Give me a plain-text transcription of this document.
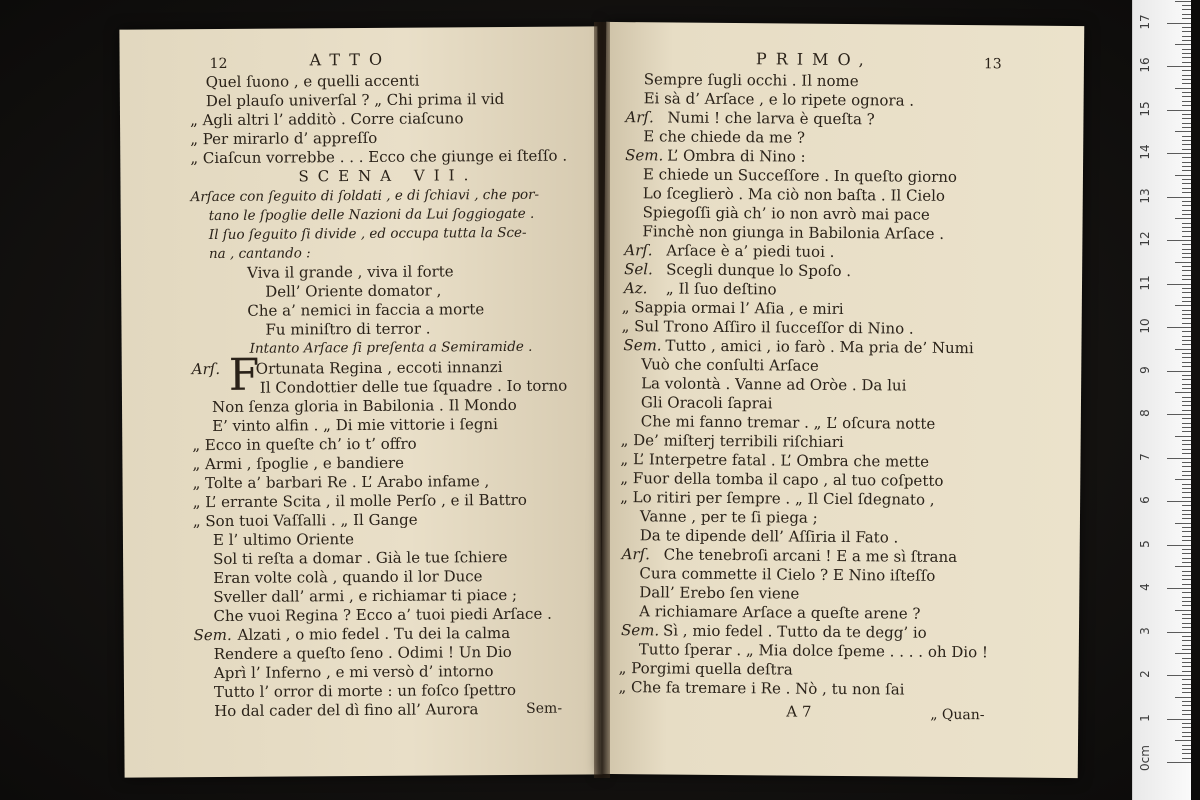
12	ATTO
Quel ſuono , e quelli accenti
Del plauſo univerſal ? „ Chi prima il vid
„ Agli altri l’ additò . Corre ciaſcuno
„ Per mirarlo d’ appreſſo
„ Ciaſcun vorrebbe . . . Ecco che giunge ei ſteſſo .
SCENA VII.
Arſace con ſeguito di ſoldati , e di ſchiavi , che por-
tano le ſpoglie delle Nazioni da Lui ſoggiogate .
Il ſuo ſeguito ſi divide , ed occupa tutta la Sce-
na , cantando :
Viva il grande , viva il forte
Dell’ Oriente domator ,
Che a’ nemici in faccia a morte
Fu miniſtro di terror .
Intanto Arſace ſi preſenta a Semiramide .
F
Arſ. Ortunata Regina , eccoti innanzi
Il Condottier delle tue ſquadre . Io torno
Non ſenza gloria in Babilonia . Il Mondo
E’ vinto alfin . „ Di mie vittorie i ſegni
„ Ecco in queſte ch’ io t’ offro
„ Armi , ſpoglie , e bandiere
„ Tolte a’ barbari Re . L’ Arabo infame ,
„ L’ errante Scita , il molle Perſo , e il Battro
„ Son tuoi Vaſſalli . „ Il Gange
E l’ ultimo Oriente
Sol ti reſta a domar . Già le tue ſchiere
Eran volte colà , quando il lor Duce
Sveller dall’ armi , e richiamar ti piace ;
Che vuoi Regina ? Ecco a’ tuoi piedi Arſace .
Sem. Alzati , o mio fedel . Tu dei la calma
Rendere a queſto ſeno . Odimi ! Un Dio
Aprì l’ Inferno , e mi versò d’ intorno
Tutto l’ orror di morte : un foſco ſpettro
Ho dal cader del dì fino all’ Aurora	Sem-
PRIMO,	13
Sempre ſugli occhi . Il nome
Ei sà d’ Arſace , e lo ripete ognora .
Arſ. Numi ! che larva è queſta ?
E che chiede da me ?
Sem. L’ Ombra di Nino :
E chiede un Succeſſore . In queſto giorno
Lo ſceglierò . Ma ciò non baſta . Il Cielo
Spiegoſſi già ch’ io non avrò mai pace
Finchè non giunga in Babilonia Arſace .
Arſ. Arſace è a’ piedi tuoi .
Sel. Scegli dunque lo Spoſo .
Az. „ Il ſuo deſtino
„ Sappia ormai l’ Aſia , e miri
„ Sul Trono Aſſiro il ſucceſſor di Nino .
Sem. Tutto , amici , io farò . Ma pria de’ Numi
Vuò che conſulti Arſace
La volontà . Vanne ad Oròe . Da lui
Gli Oracoli ſaprai
Che mi fanno tremar . „ L’ oſcura notte
„ De’ miſterj terribili riſchiari
„ L’ Interpetre fatal . L’ Ombra che mette
„ Fuor della tomba il capo , al tuo coſpetto
„ Lo ritiri per ſempre . „ Il Ciel ſdegnato ,
Vanne , per te ſi piega ;
Da te dipende dell’ Aſſiria il Fato .
Arſ. Che tenebroſi arcani ! E a me sì ſtrana
Cura commette il Cielo ? E Nino iſteſſo
Dall’ Erebo ſen viene
A richiamare Arſace a queſte arene ?
Sem. Sì , mio fedel . Tutto da te degg’ io
Tutto ſperar . „ Mia dolce ſpeme . . . . oh Dio !
„ Porgimi quella deſtra
„ Che fa tremare i Re . Nò , tu non ſai
A 7	„ Quan-
0cm
1
2
3
4
5
6
7
8
9
10
11
12
13
14
15
16
17
